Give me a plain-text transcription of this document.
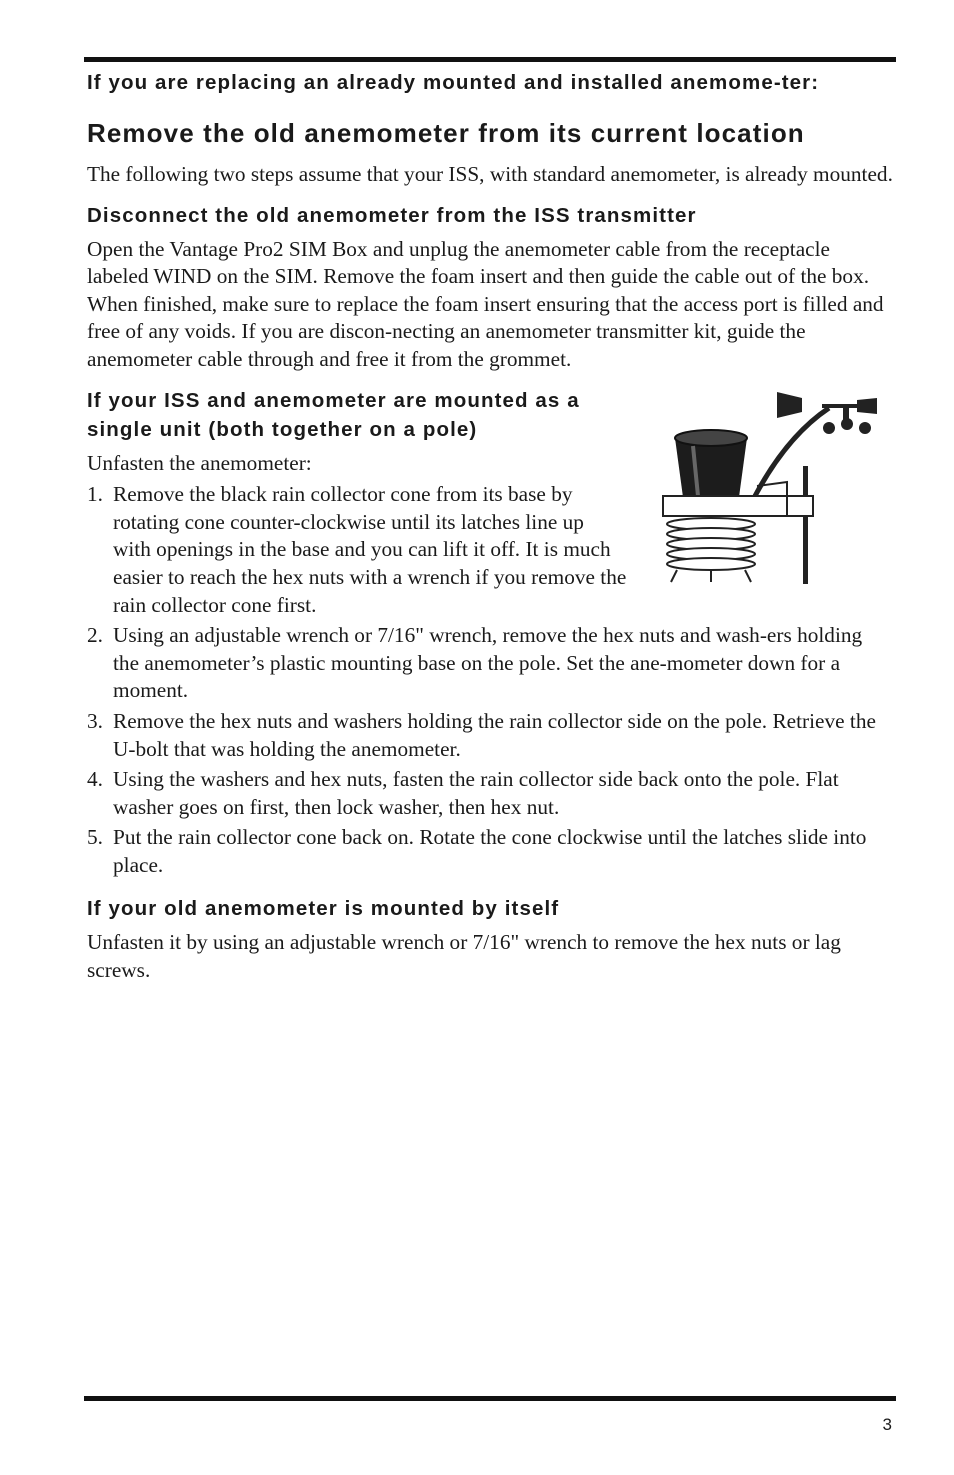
If you are replacing an already mounted and installed anemome-ter:

Remove the old anemometer from its current location

The following two steps assume that your ISS, with standard anemometer, is already mounted.

Disconnect the old anemometer from the ISS transmitter

Open the Vantage Pro2 SIM Box and unplug the anemometer cable from the receptacle labeled WIND on the SIM. Remove the foam insert and then guide the cable out of the box. When finished, make sure to replace the foam insert ensuring that the access port is filled and free of any voids. If you are discon-necting an anemometer transmitter kit, guide the anemometer cable through and free it from the grommet.

If your ISS and anemometer are mounted as a single unit (both together on a pole)

Unfasten the anemometer:

1. Remove the black rain collector cone from its base by rotating cone counter-clockwise until its latches line up with openings in the base and you can lift it off. It is much easier to reach the hex nuts with a wrench if you remove the rain collector cone first.
2. Using an adjustable wrench or 7/16" wrench, remove the hex nuts and wash-ers holding the anemometer’s plastic mounting base on the pole. Set the ane-mometer down for a moment.
3. Remove the hex nuts and washers holding the rain collector side on the pole. Retrieve the U-bolt that was holding the anemometer.
4. Using the washers and hex nuts, fasten the rain collector side back onto the pole. Flat washer goes on first, then lock washer, then hex nut.
5. Put the rain collector cone back on. Rotate the cone clockwise until the latches slide into place.
If your old anemometer is mounted by itself

Unfasten it by using an adjustable wrench or 7/16" wrench to remove the hex nuts or lag screws.

3
